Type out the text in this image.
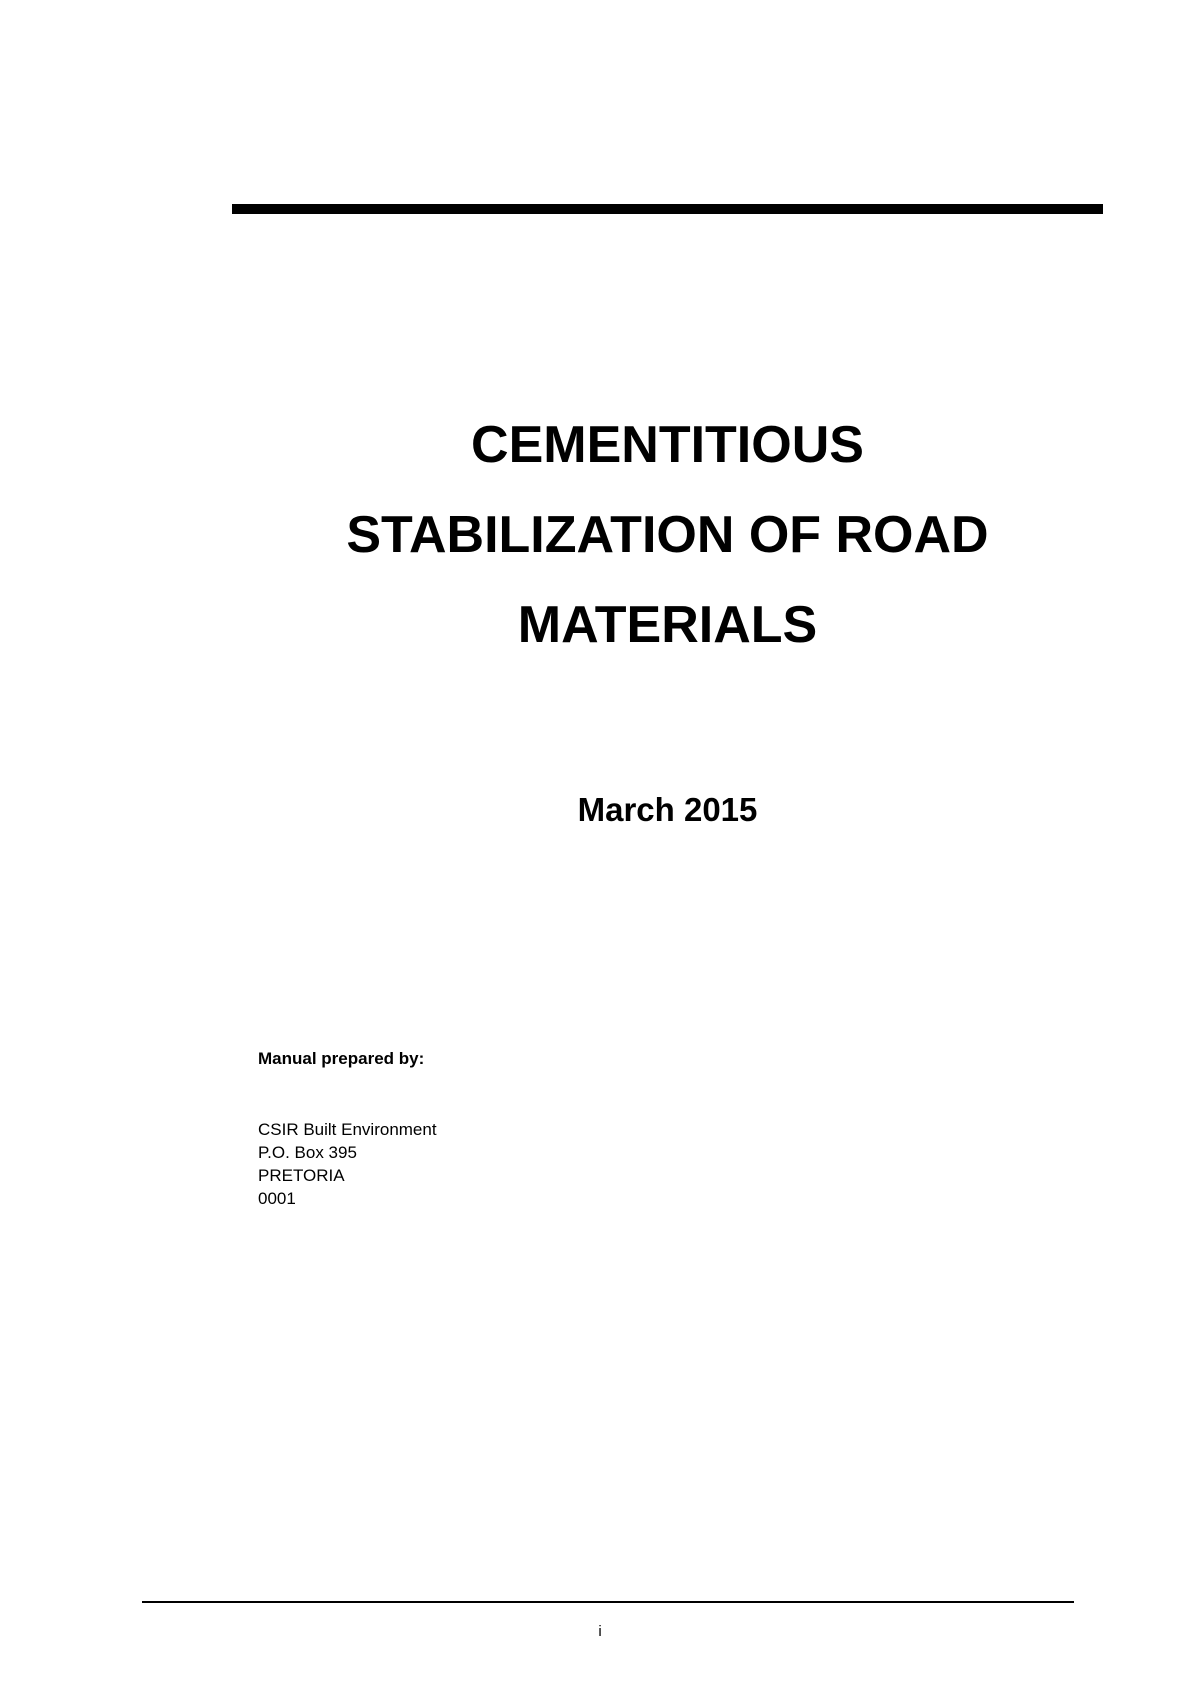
CEMENTITIOUS
STABILIZATION OF ROAD
MATERIALS
March 2015
Manual prepared by:
CSIR Built Environment
P.O. Box 395
PRETORIA
0001
i
